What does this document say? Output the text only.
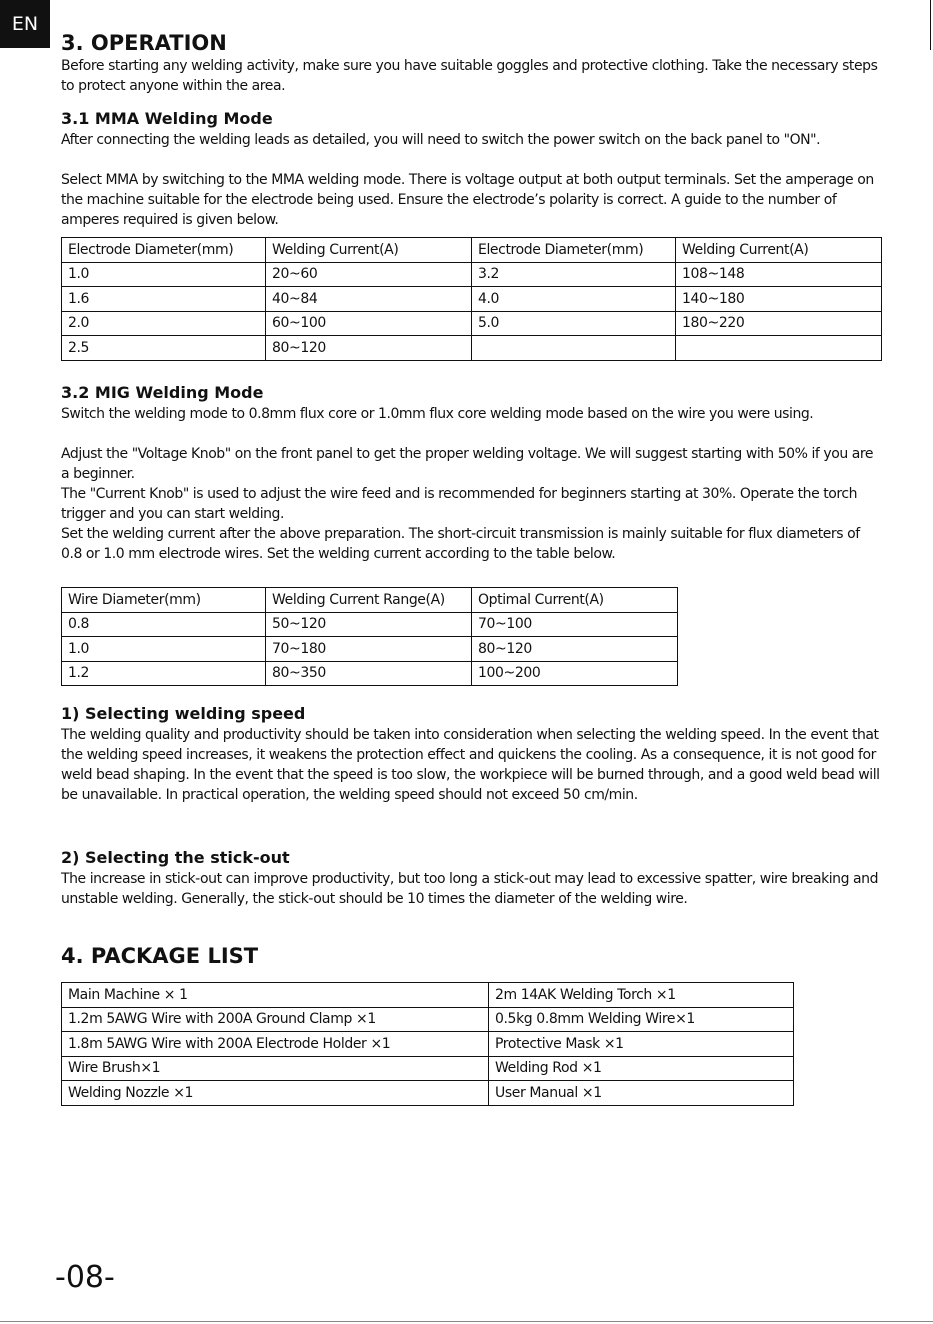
EN
3. OPERATION

Before starting any welding activity, make sure you have suitable goggles and protective clothing. Take the necessary steps to protect anyone within the area.

3.1 MMA Welding Mode

After connecting the welding leads as detailed, you will need to switch the power switch on the back panel to "ON".

Select MMA by switching to the MMA welding mode. There is voltage output at both output terminals. Set the amperage on the machine suitable for the electrode being used. Ensure the electrode’s polarity is correct. A guide to the number of amperes required is given below.

Electrode Diameter(mm)	Welding Current(A)	Electrode Diameter(mm)	Welding Current(A)
1.0	20~60	3.2	108~148
1.6	40~84	4.0	140~180
2.0	60~100	5.0	180~220
2.5	80~120		
3.2 MIG Welding Mode

Switch the welding mode to 0.8mm flux core or 1.0mm flux core welding mode based on the wire you were using.

Adjust the "Voltage Knob" on the front panel to get the proper welding voltage. We will suggest starting with 50% if you are a beginner.

The "Current Knob" is used to adjust the wire feed and is recommended for beginners starting at 30%. Operate the torch trigger and you can start welding.

Set the welding current after the above preparation. The short-circuit transmission is mainly suitable for flux diameters of 0.8 or 1.0 mm electrode wires. Set the welding current according to the table below.

Wire Diameter(mm)	Welding Current Range(A)	Optimal Current(A)
0.8	50~120	70~100
1.0	70~180	80~120
1.2	80~350	100~200
1) Selecting welding speed

The welding quality and productivity should be taken into consideration when selecting the welding speed. In the event that the welding speed increases, it weakens the protection effect and quickens the cooling. As a consequence, it is not good for weld bead shaping. In the event that the speed is too slow, the workpiece will be burned through, and a good weld bead will be unavailable. In practical operation, the welding speed should not exceed 50 cm/min.

2) Selecting the stick-out

The increase in stick-out can improve productivity, but too long a stick-out may lead to excessive spatter, wire breaking and unstable welding. Generally, the stick-out should be 10 times the diameter of the welding wire.

4. PACKAGE LIST
Main Machine × 1	2m 14AK Welding Torch ×1
1.2m 5AWG Wire with 200A Ground Clamp ×1	0.5kg 0.8mm Welding Wire×1
1.8m 5AWG Wire with 200A Electrode Holder ×1	Protective Mask ×1
Wire Brush×1	Welding Rod ×1
Welding Nozzle ×1	User Manual ×1
-08-
